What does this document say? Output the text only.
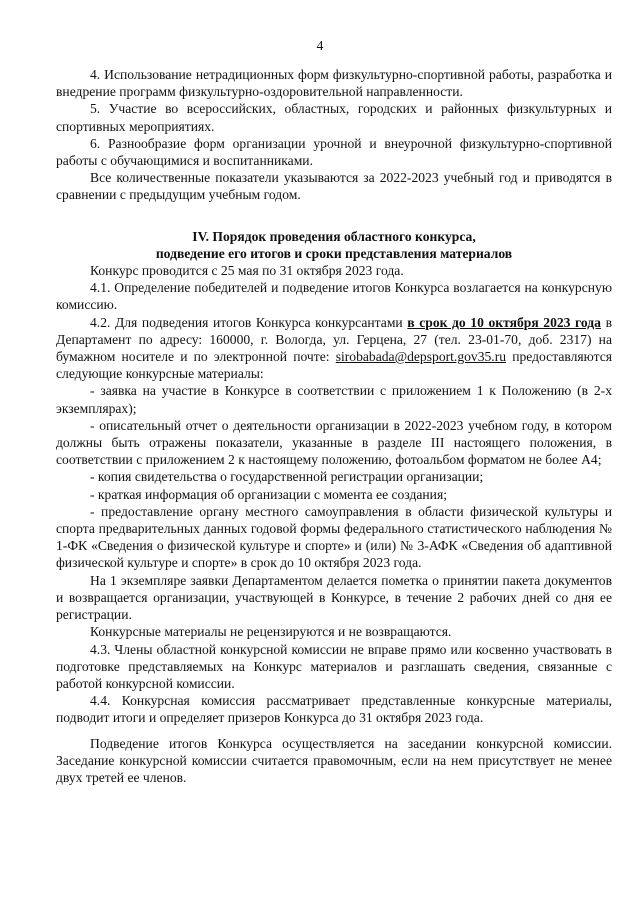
4

4. Использование нетрадиционных форм физкультурно-спортивной работы, разработка и внедрение программ физкультурно-оздоровительной направленности.

5. Участие во всероссийских, областных, городских и районных физкультурных и спортивных мероприятиях.

6. Разнообразие форм организации урочной и внеурочной физкультурно-спортивной работы с обучающимися и воспитанниками.

Все количественные показатели указываются за 2022-2023 учебный год и приводятся в сравнении с предыдущим учебным годом.

IV. Порядок проведения областного конкурса,
подведение его итогов и сроки представления материалов

Конкурс проводится с 25 мая по 31 октября 2023 года.

4.1. Определение победителей и подведение итогов Конкурса возлагается на конкурсную комиссию.

4.2. Для подведения итогов Конкурса конкурсантами в срок до 10 октября 2023 года в Департамент по адресу: 160000, г. Вологда, ул. Герцена, 27 (тел. 23-01-70, доб. 2317) на бумажном носителе и по электронной почте: sirobabada@depsport.gov35.ru предоставляются следующие конкурсные материалы:

- заявка на участие в Конкурсе в соответствии с приложением 1 к Положению (в 2-х экземплярах);

- описательный отчет о деятельности организации в 2022-2023 учебном году, в котором должны быть отражены показатели, указанные в разделе III настоящего положения, в соответствии с приложением 2 к настоящему положению, фотоальбом форматом не более А4;

- копия свидетельства о государственной регистрации организации;

- краткая информация об организации с момента ее создания;

- предоставление органу местного самоуправления в области физической культуры и спорта предварительных данных годовой формы федерального статистического наблюдения № 1-ФК «Сведения о физической культуре и спорте» и (или) № 3-АФК «Сведения об адаптивной физической культуре и спорте» в срок до 10 октября 2023 года.

На 1 экземпляре заявки Департаментом делается пометка о принятии пакета документов и возвращается организации, участвующей в Конкурсе, в течение 2 рабочих дней со дня ее регистрации.

Конкурсные материалы не рецензируются и не возвращаются.

4.3. Члены областной конкурсной комиссии не вправе прямо или косвенно участвовать в подготовке представляемых на Конкурс материалов и разглашать сведения, связанные с работой конкурсной комиссии.

4.4. Конкурсная комиссия рассматривает представленные конкурсные материалы, подводит итоги и определяет призеров Конкурса до 31 октября 2023 года.

Подведение итогов Конкурса осуществляется на заседании конкурсной комиссии. Заседание конкурсной комиссии считается правомочным, если на нем присутствует не менее двух третей ее членов.
